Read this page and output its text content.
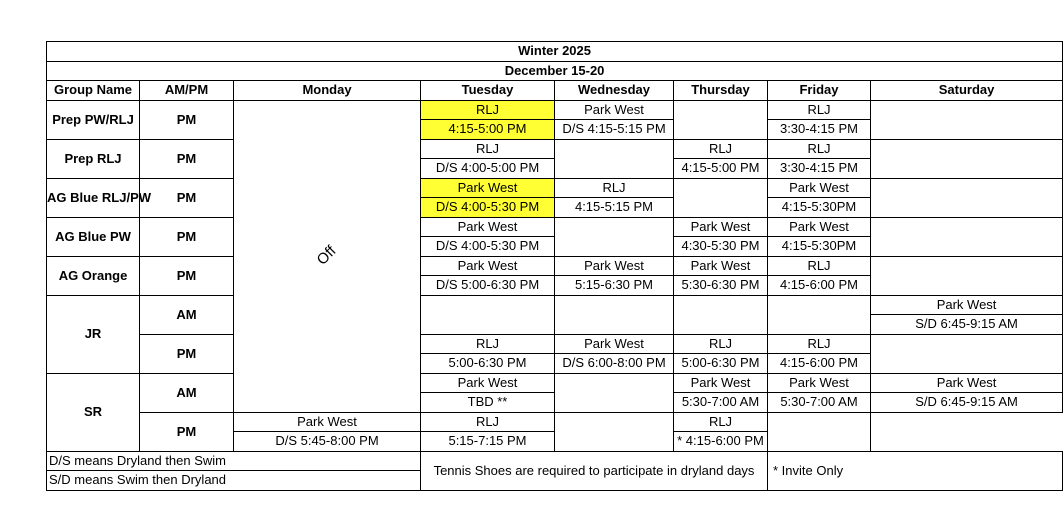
Winter 2025							
December 15-20							
Group Name	AM/PM	Monday	Tuesday	Wednesday	Thursday	Friday	Saturday
Prep PW/RLJ	PM	Off	RLJ	Park West		RLJ	
			4:15-5:00 PM	D/S 4:15-5:15 PM		3:30-4:15 PM	
Prep RLJ	PM		RLJ		RLJ	RLJ	
			D/S 4:00-5:00 PM		4:15-5:00 PM	3:30-4:15 PM	
AG Blue RLJ/PW	PM		Park West	RLJ		Park West	
			D/S 4:00-5:30 PM	4:15-5:15 PM		4:15-5:30PM	
AG Blue PW	PM		Park West		Park West	Park West	
			D/S 4:00-5:30 PM		4:30-5:30 PM	4:15-5:30PM	
AG Orange	PM		Park West	Park West	Park West	RLJ	
			D/S 5:00-6:30 PM	5:15-6:30 PM	5:30-6:30 PM	4:15-6:00 PM	
JR	AM						Park West
							S/D 6:45-9:15 AM
	PM		RLJ	Park West	RLJ	RLJ	
			5:00-6:30 PM	D/S 6:00-8:00 PM	5:00-6:30 PM	4:15-6:00 PM	
SR	AM		Park West		Park West	Park West	Park West
			TBD **		5:30-7:00 AM	5:30-7:00 AM	S/D 6:45-9:15 AM
	PM	Park West	RLJ		RLJ		
		D/S 5:45-8:00 PM	5:15-7:15 PM		* 4:15-6:00 PM		
D/S means Dryland then Swim			Tennis Shoes are required to participate in dryland days			* Invite Only	
S/D means Swim then Dryland							
